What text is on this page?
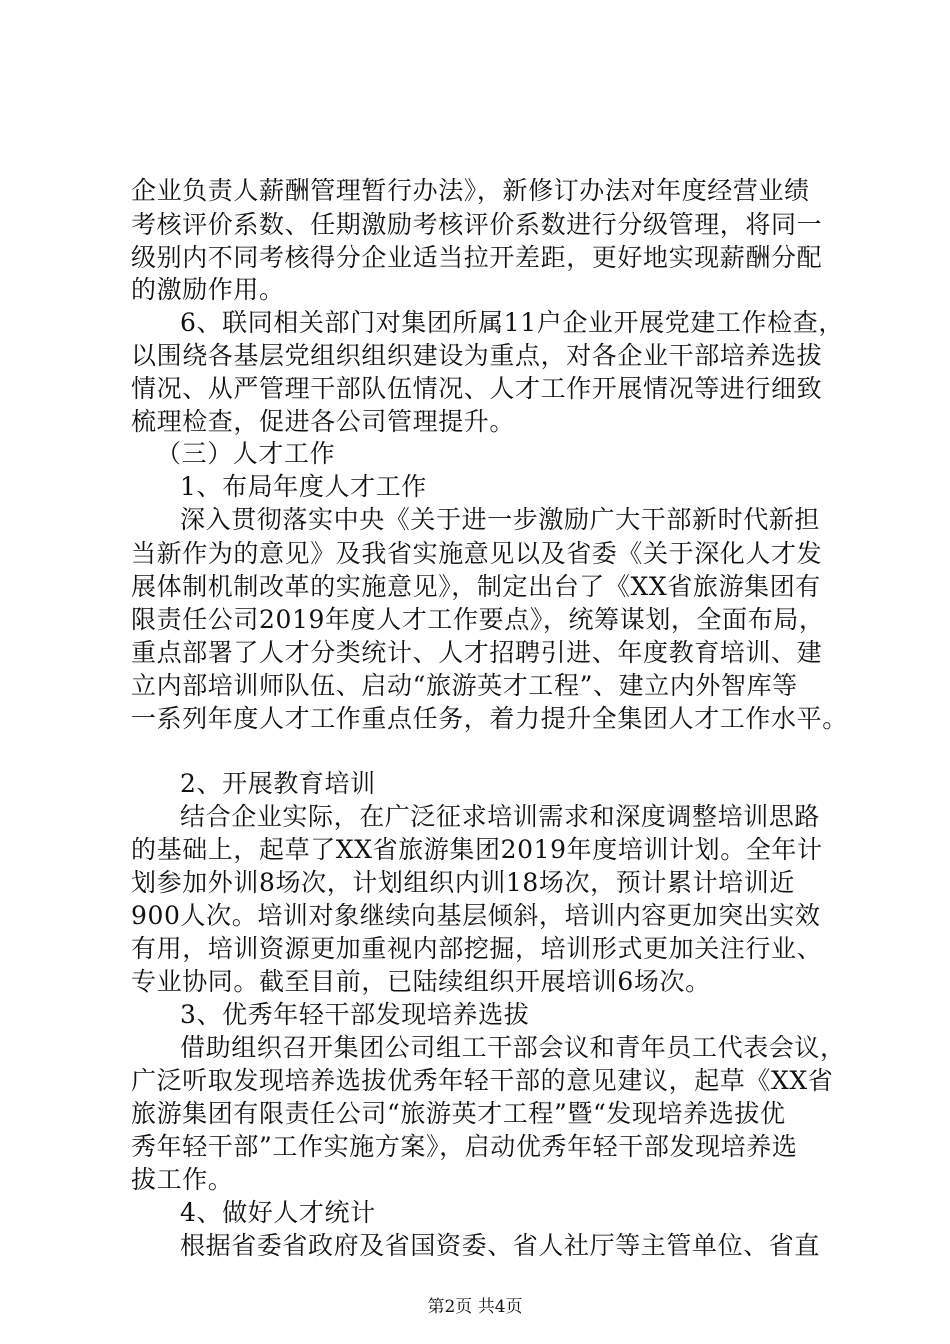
企业负责人薪酬管理暂行办法》，新修订办法对年度经营业绩
考核评价系数、任期激励考核评价系数进行分级管理，将同一
级别内不同考核得分企业适当拉开差距，更好地实现薪酬分配
的激励作用。
6、联同相关部门对集团所属11户企业开展党建工作检查，
以围绕各基层党组织组织建设为重点，对各企业干部培养选拔
情况、从严管理干部队伍情况、人才工作开展情况等进行细致
梳理检查，促进各公司管理提升。
（三）人才工作
1、布局年度人才工作
深入贯彻落实中央《关于进一步激励广大干部新时代新担
当新作为的意见》及我省实施意见以及省委《关于深化人才发
展体制机制改革的实施意见》，制定出台了《XX省旅游集团有
限责任公司2019年度人才工作要点》，统筹谋划，全面布局，
重点部署了人才分类统计、人才招聘引进、年度教育培训、建
立内部培训师队伍、启动“旅游英才工程”、建立内外智库等
一系列年度人才工作重点任务，着力提升全集团人才工作水平。
2、开展教育培训
结合企业实际，在广泛征求培训需求和深度调整培训思路
的基础上，起草了XX省旅游集团2019年度培训计划。全年计
划参加外训8场次，计划组织内训18场次，预计累计培训近
900人次。培训对象继续向基层倾斜，培训内容更加突出实效
有用，培训资源更加重视内部挖掘，培训形式更加关注行业、
专业协同。截至目前，已陆续组织开展培训6场次。
3、优秀年轻干部发现培养选拔
借助组织召开集团公司组工干部会议和青年员工代表会议，
广泛听取发现培养选拔优秀年轻干部的意见建议，起草《XX省
旅游集团有限责任公司“旅游英才工程”暨“发现培养选拔优
秀年轻干部”工作实施方案》，启动优秀年轻干部发现培养选
拔工作。
4、做好人才统计
根据省委省政府及省国资委、省人社厅等主管单位、省直
第2页 共4页
